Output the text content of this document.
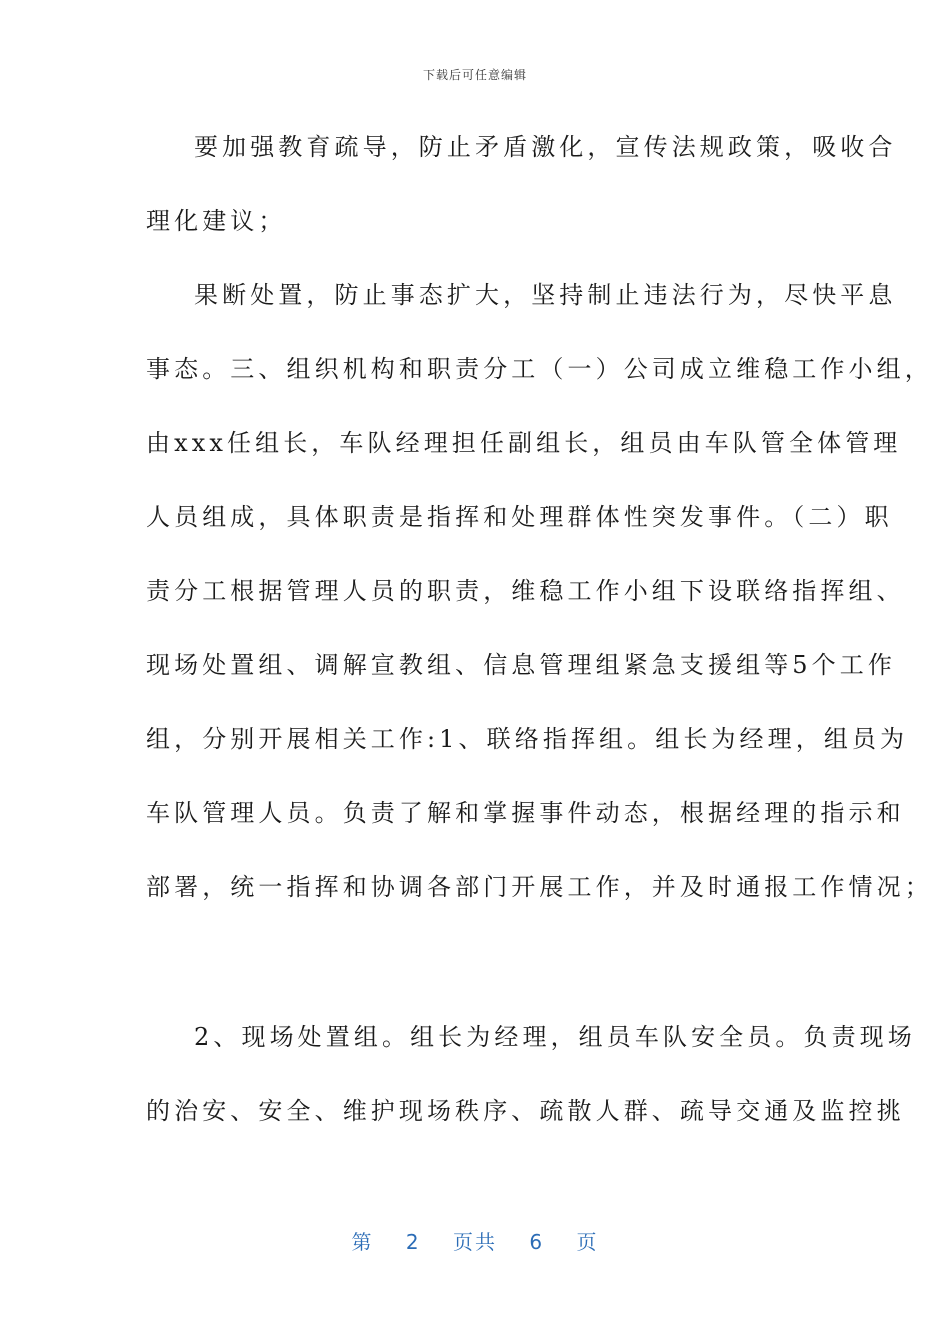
下载后可任意编辑
要加强教育疏导，防止矛盾激化，宣传法规政策，吸收合
理化建议；
果断处置，防止事态扩大，坚持制止违法行为，尽快平息
事态。三、组织机构和职责分工（一）公司成立维稳工作小组，
由xxx任组长，车队经理担任副组长，组员由车队管全体管理
人员组成，具体职责是指挥和处理群体性突发事件。（二）职
责分工根据管理人员的职责，维稳工作小组下设联络指挥组、
现场处置组、调解宣教组、信息管理组紧急支援组等5个工作
组，分别开展相关工作:1、联络指挥组。组长为经理，组员为
车队管理人员。负责了解和掌握事件动态，根据经理的指示和
部署，统一指挥和协调各部门开展工作，并及时通报工作情况；
2、现场处置组。组长为经理，组员车队安全员。负责现场
的治安、安全、维护现场秩序、疏散人群、疏导交通及监控挑
第 2 页共 6 页
